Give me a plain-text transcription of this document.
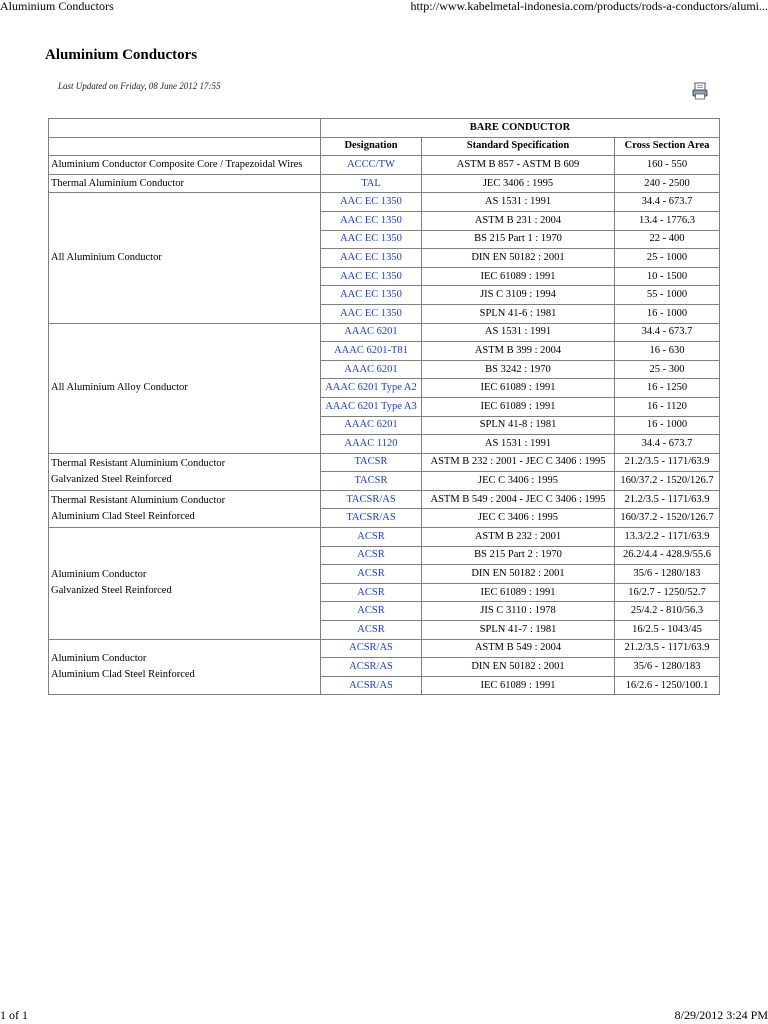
Aluminium Conductors	http://www.kabelmetal-indonesia.com/products/rods-a-conductors/alumi...
Aluminium Conductors
Last Updated on Friday, 08 June 2012 17:55
	BARE CONDUCTOR		
	Designation	Standard Specification	Cross Section Area

Aluminium Conductor Composite Core / Trapezoidal Wires	ACCC/TW	ASTM B 857 - ASTM B 609	160 - 550

Thermal Aluminium Conductor	TAL	JEC 3406 : 1995	240 - 2500

All Aluminium Conductor	AAC EC 1350	AS 1531 : 1991	34.4 - 673.7
	AAC EC 1350	ASTM B 231 : 2004	13.4 - 1776.3
	AAC EC 1350	BS 215 Part 1 : 1970	22 - 400
	AAC EC 1350	DIN EN 50182 : 2001	25 - 1000
	AAC EC 1350	IEC 61089 : 1991	10 - 1500
	AAC EC 1350	JIS C 3109 : 1994	55 - 1000
	AAC EC 1350	SPLN 41-6 : 1981	16 - 1000

All Aluminium Alloy Conductor	AAAC 6201	AS 1531 : 1991	34.4 - 673.7
	AAAC 6201-T81	ASTM B 399 : 2004	16 - 630
	AAAC 6201	BS 3242 : 1970	25 - 300
	AAAC 6201 Type A2	IEC 61089 : 1991	16 - 1250
	AAAC 6201 Type A3	IEC 61089 : 1991	16 - 1120
	AAAC 6201	SPLN 41-8 : 1981	16 - 1000
	AAAC 1120	AS 1531 : 1991	34.4 - 673.7

Thermal Resistant Aluminium Conductor
Galvanized Steel Reinforced	TACSR	ASTM B 232 : 2001 - JEC C 3406 : 1995	21.2/3.5 - 1171/63.9
	TACSR	JEC C 3406 : 1995	160/37.2 - 1520/126.7

Thermal Resistant Aluminium Conductor
Aluminium Clad Steel Reinforced	TACSR/AS	ASTM B 549 : 2004 - JEC C 3406 : 1995	21.2/3.5 - 1171/63.9
	TACSR/AS	JEC C 3406 : 1995	160/37.2 - 1520/126.7

Aluminium Conductor
Galvanized Steel Reinforced	ACSR	ASTM B 232 : 2001	13.3/2.2 - 1171/63.9
	ACSR	BS 215 Part 2 : 1970	26.2/4.4 - 428.9/55.6
	ACSR	DIN EN 50182 : 2001	35/6 - 1280/183
	ACSR	IEC 61089 : 1991	16/2.7 - 1250/52.7
	ACSR	JIS C 3110 : 1978	25/4.2 - 810/56.3
	ACSR	SPLN 41-7 : 1981	16/2.5 - 1043/45

Aluminium Conductor
Aluminium Clad Steel Reinforced	ACSR/AS	ASTM B 549 : 2004	21.2/3.5 - 1171/63.9
	ACSR/AS	DIN EN 50182 : 2001	35/6 - 1280/183
	ACSR/AS	IEC 61089 : 1991	16/2.6 - 1250/100.1
1 of 1	8/29/2012 3:24 PM
